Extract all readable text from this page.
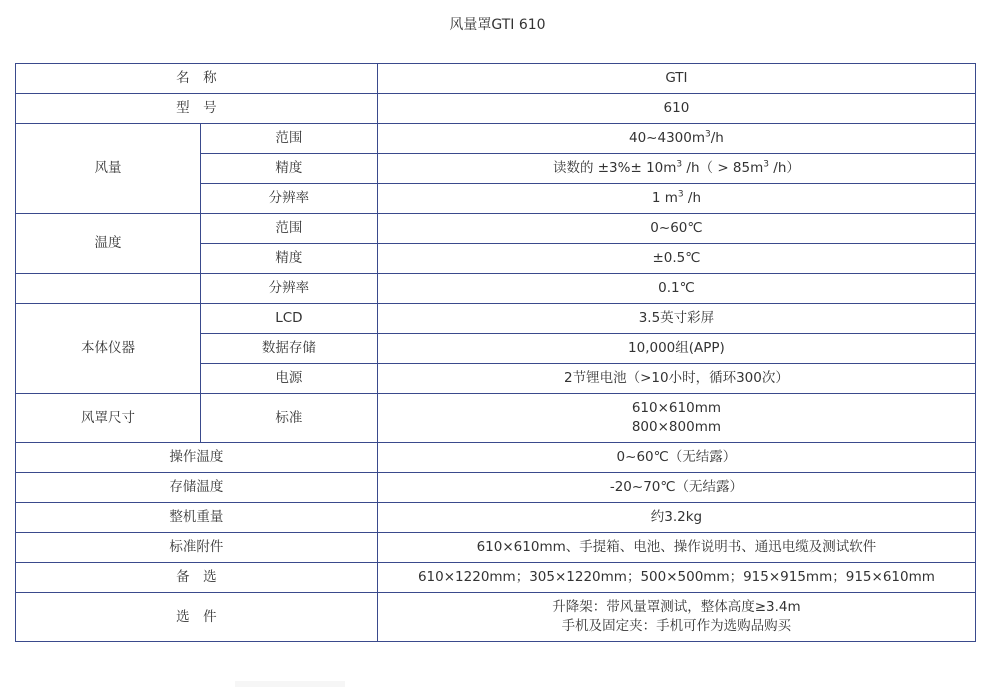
风量罩GTI 610
名　称		GTI
型　号		610
风量	范围	$40\sim 4300m^3/h$
	精度	读数的 $\pm 3\%\pm 10m^3$ $/h( > 85m^3$ /h）
	分辨率	1 $m^3$ /h
温度	范围	0~60℃
	精度	±0.5℃
	分辨率	0.1℃
本体仪器	LCD	3.5英寸彩屏
	数据存储	10,000组(APP)
	电源	2节锂电池（>10小时，循环300次）
风罩尺寸	标准	610×610mm
800×800mm

操作温度		0~60℃（无结露）
存储温度		-20~70℃（无结露）
整机重量		约3.2kg
标准附件		610×610mm、手提箱、电池、操作说明书、通迅电缆及测试软件
备　选		610×1220mm；305×1220mm；500×500mm；915×915mm；915×610mm
选　件		升降架：带风量罩测试，整体高度≥3.4m
手机及固定夹：手机可作为选购品购买
